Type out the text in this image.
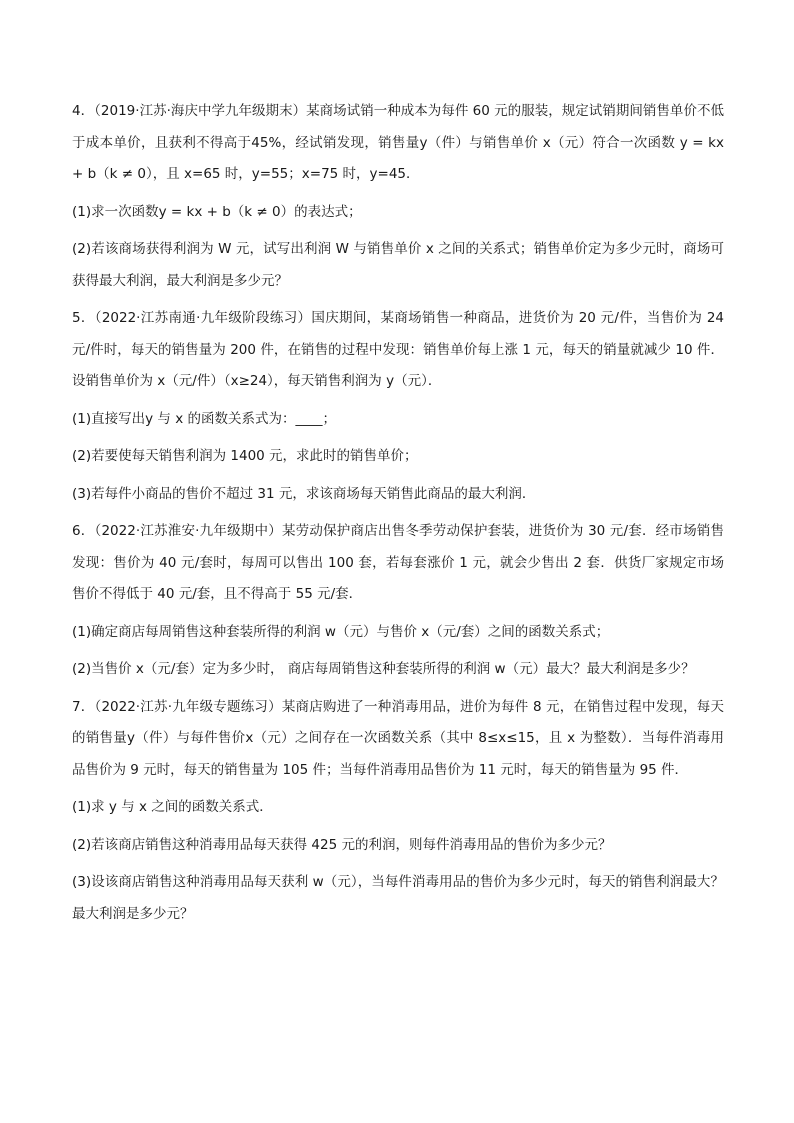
4．（2019·江苏·海庆中学九年级期末）某商场试销一种成本为每件 60 元的服装，规定试销期间销售单价不低于成本单价，且获利不得高于45%，经试销发现，销售量y（件）与销售单价 x（元）符合一次函数 y = kx + b（k ≠ 0），且 x=65 时，y=55；x=75 时，y=45．

(1)求一次函数y = kx + b（k ≠ 0）的表达式；

(2)若该商场获得利润为 W 元，试写出利润 W 与销售单价 x 之间的关系式；销售单价定为多少元时，商场可获得最大利润，最大利润是多少元？

5．（2022·江苏南通·九年级阶段练习）国庆期间，某商场销售一种商品，进货价为 20 元/件，当售价为 24 元/件时，每天的销售量为 200 件，在销售的过程中发现：销售单价每上涨 1 元，每天的销量就减少 10 件．设销售单价为 x（元/件）（x≥24），每天销售利润为 y（元）．

(1)直接写出y 与 x 的函数关系式为：____；

(2)若要使每天销售利润为 1400 元，求此时的销售单价；

(3)若每件小商品的售价不超过 31 元，求该商场每天销售此商品的最大利润．

6．（2022·江苏淮安·九年级期中）某劳动保护商店出售冬季劳动保护套装，进货价为 30 元/套．经市场销售发现：售价为 40 元/套时，每周可以售出 100 套，若每套涨价 1 元，就会少售出 2 套．供货厂家规定市场售价不得低于 40 元/套，且不得高于 55 元/套．

(1)确定商店每周销售这种套装所得的利润 w（元）与售价 x（元/套）之间的函数关系式；

(2)当售价 x（元/套）定为多少时， 商店每周销售这种套装所得的利润 w（元）最大？最大利润是多少？

7．（2022·江苏·九年级专题练习）某商店购进了一种消毒用品，进价为每件 8 元，在销售过程中发现，每天的销售量y（件）与每件售价x（元）之间存在一次函数关系（其中 8≤x≤15，且 x 为整数）．当每件消毒用品售价为 9 元时，每天的销售量为 105 件；当每件消毒用品售价为 11 元时，每天的销售量为 95 件．

(1)求 y 与 x 之间的函数关系式．

(2)若该商店销售这种消毒用品每天获得 425 元的利润，则每件消毒用品的售价为多少元？

(3)设该商店销售这种消毒用品每天获利 w（元），当每件消毒用品的售价为多少元时，每天的销售利润最大？最大利润是多少元？
